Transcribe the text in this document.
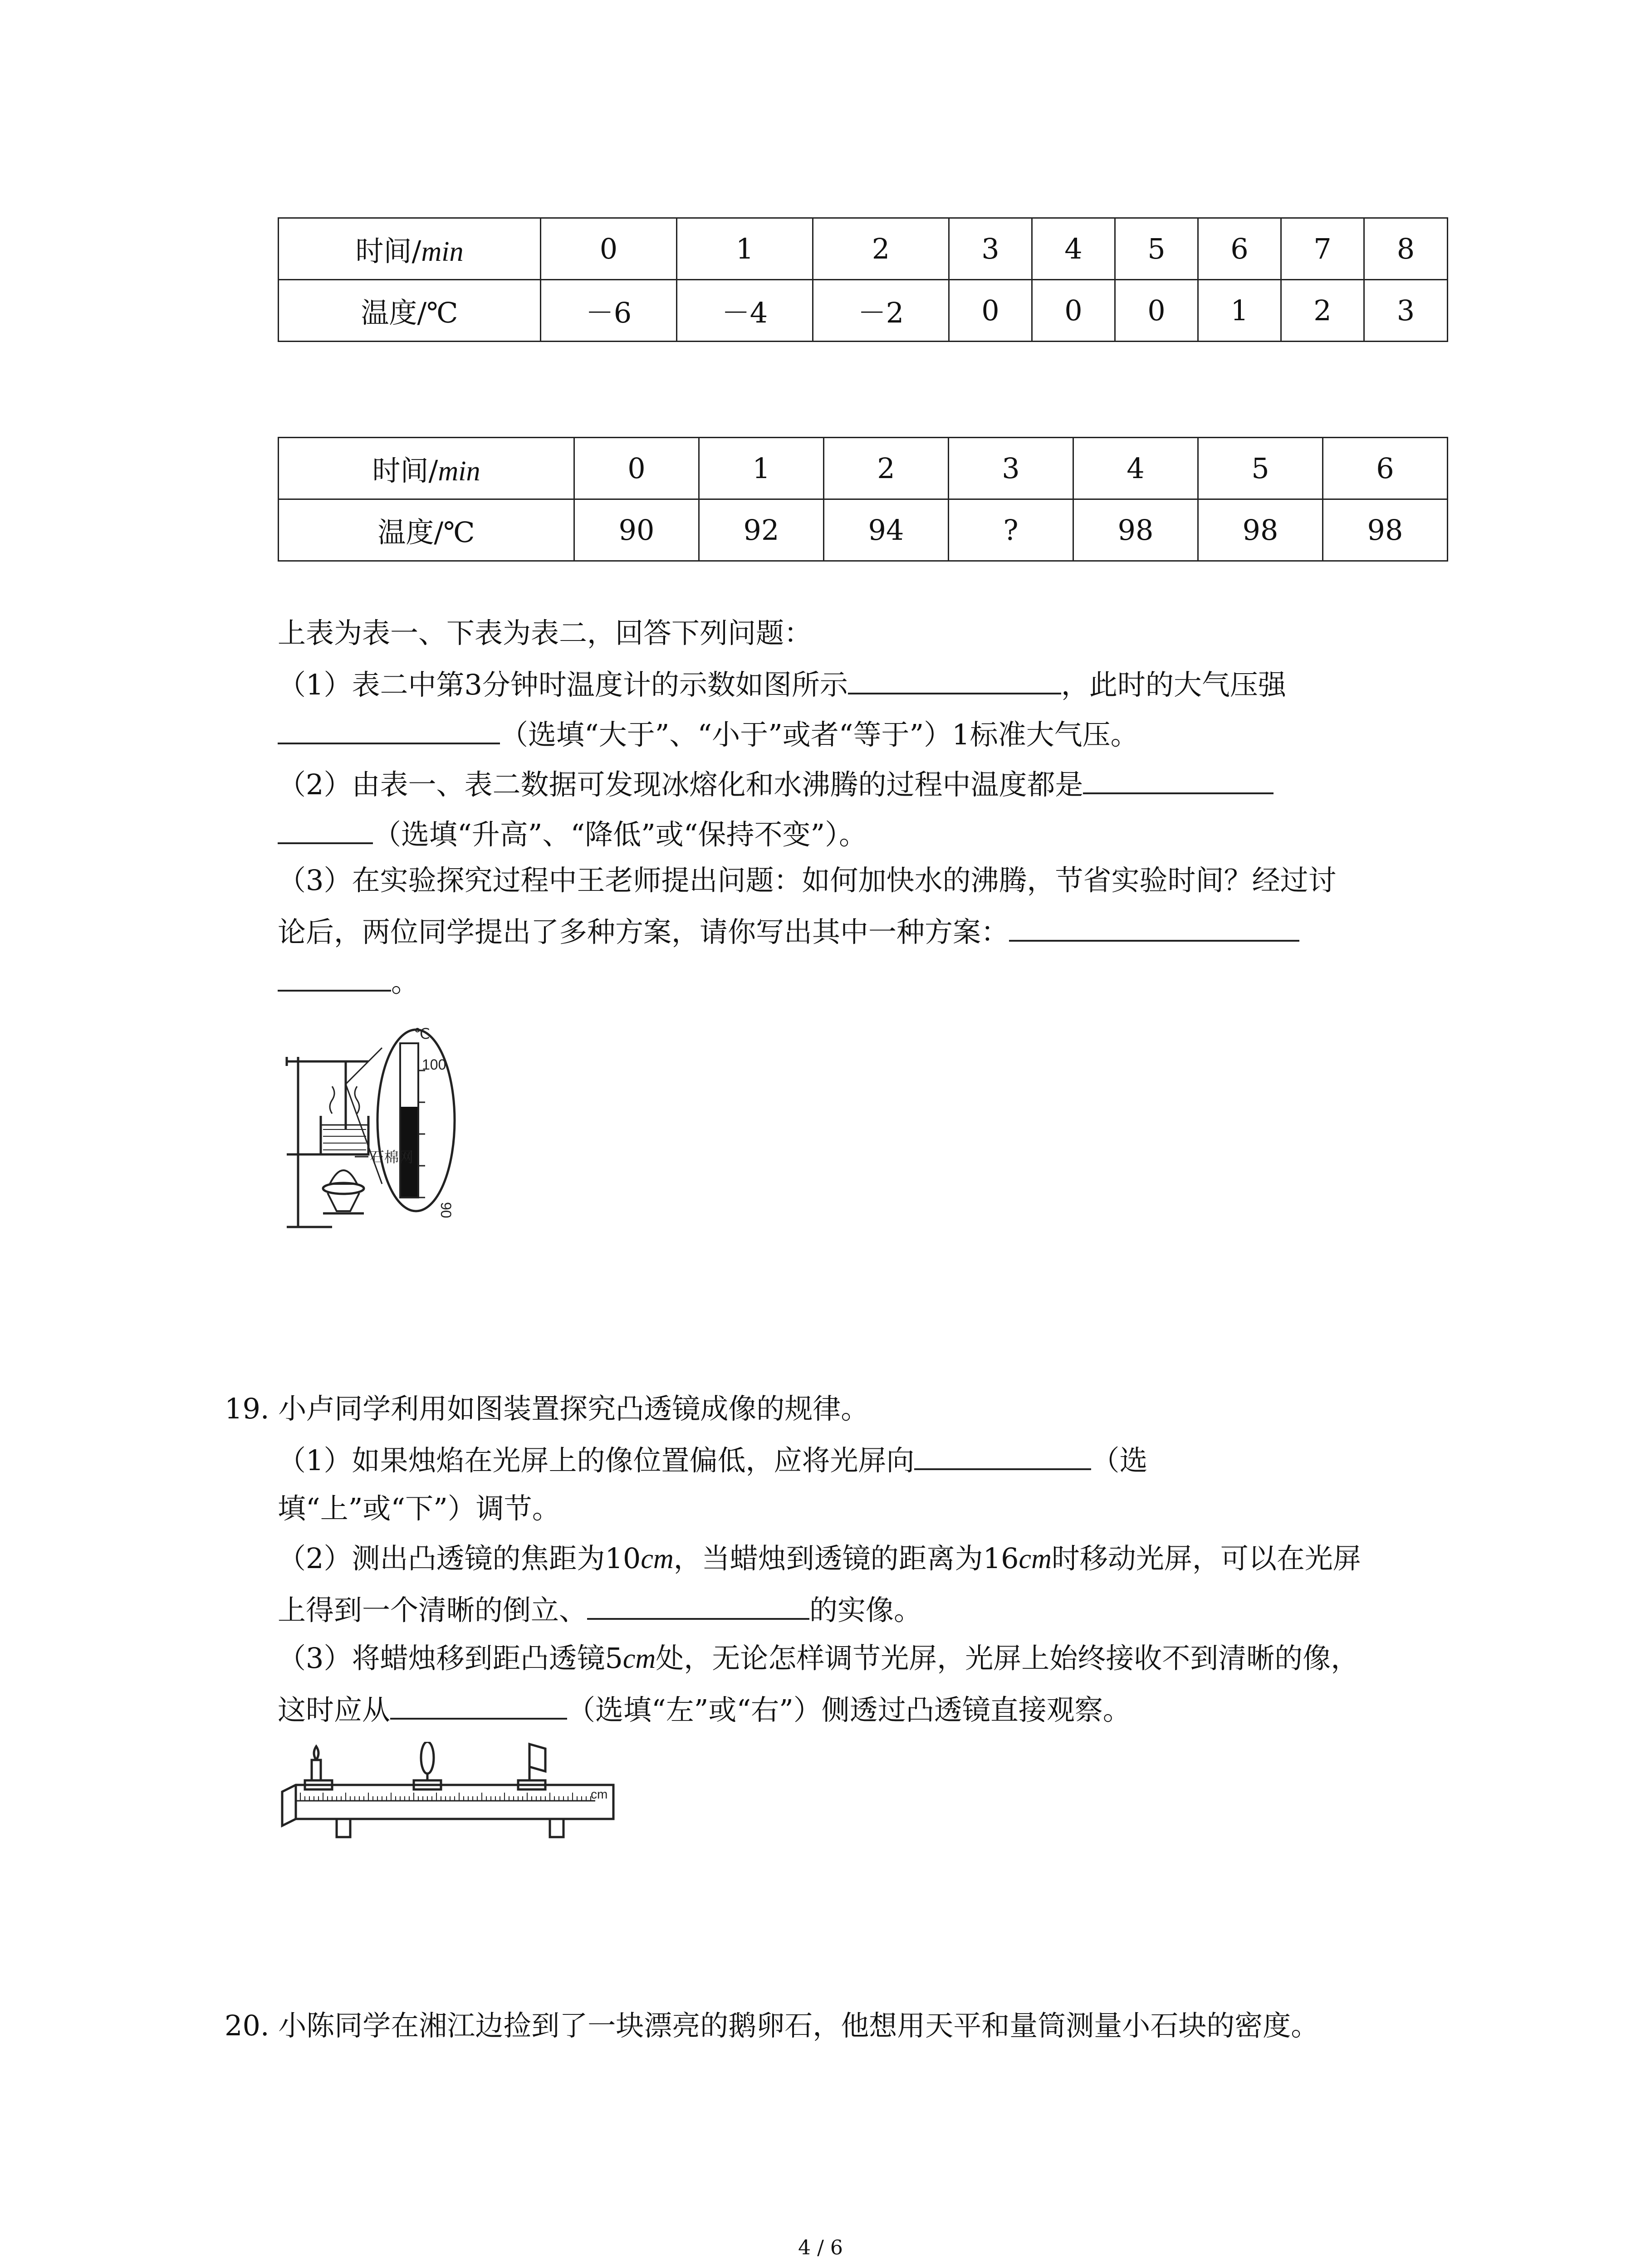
时间/min	0	1	2	3	4	5	6	7	8
温度/℃	－6	－4	－2	0	0	0	1	2	3
时间/min	0	1	2	3	4	5	6
温度/℃	90	92	94	?	98	98	98
上表为表一、下表为表二，回答下列问题：
（1）表二中第3分钟时温度计的示数如图所示	，此时的大气压强
（选填“大于”、“小于”或者“等于”）1标准大气压。
（2）由表一、表二数据可发现冰熔化和水沸腾的过程中温度都是
（选填“升高”、“降低”或“保持不变”）。
（3）在实验探究过程中王老师提出问题：如何加快水的沸腾，节省实验时间？经过讨
论后，两位同学提出了多种方案，请你写出其中一种方案：
。
℃
100
90
石棉网
19. 小卢同学利用如图装置探究凸透镜成像的规律。
（1）如果烛焰在光屏上的像位置偏低，应将光屏向	（选
填“上”或“下”）调节。
（2）测出凸透镜的焦距为10cm，当蜡烛到透镜的距离为16cm时移动光屏，可以在光屏
上得到一个清晰的倒立、	的实像。
（3）将蜡烛移到距凸透镜5cm处，无论怎样调节光屏，光屏上始终接收不到清晰的像，
这时应从	（选填“左”或“右”）侧透过凸透镜直接观察。
cm
20. 小陈同学在湘江边捡到了一块漂亮的鹅卵石，他想用天平和量筒测量小石块的密度。
4 / 6
